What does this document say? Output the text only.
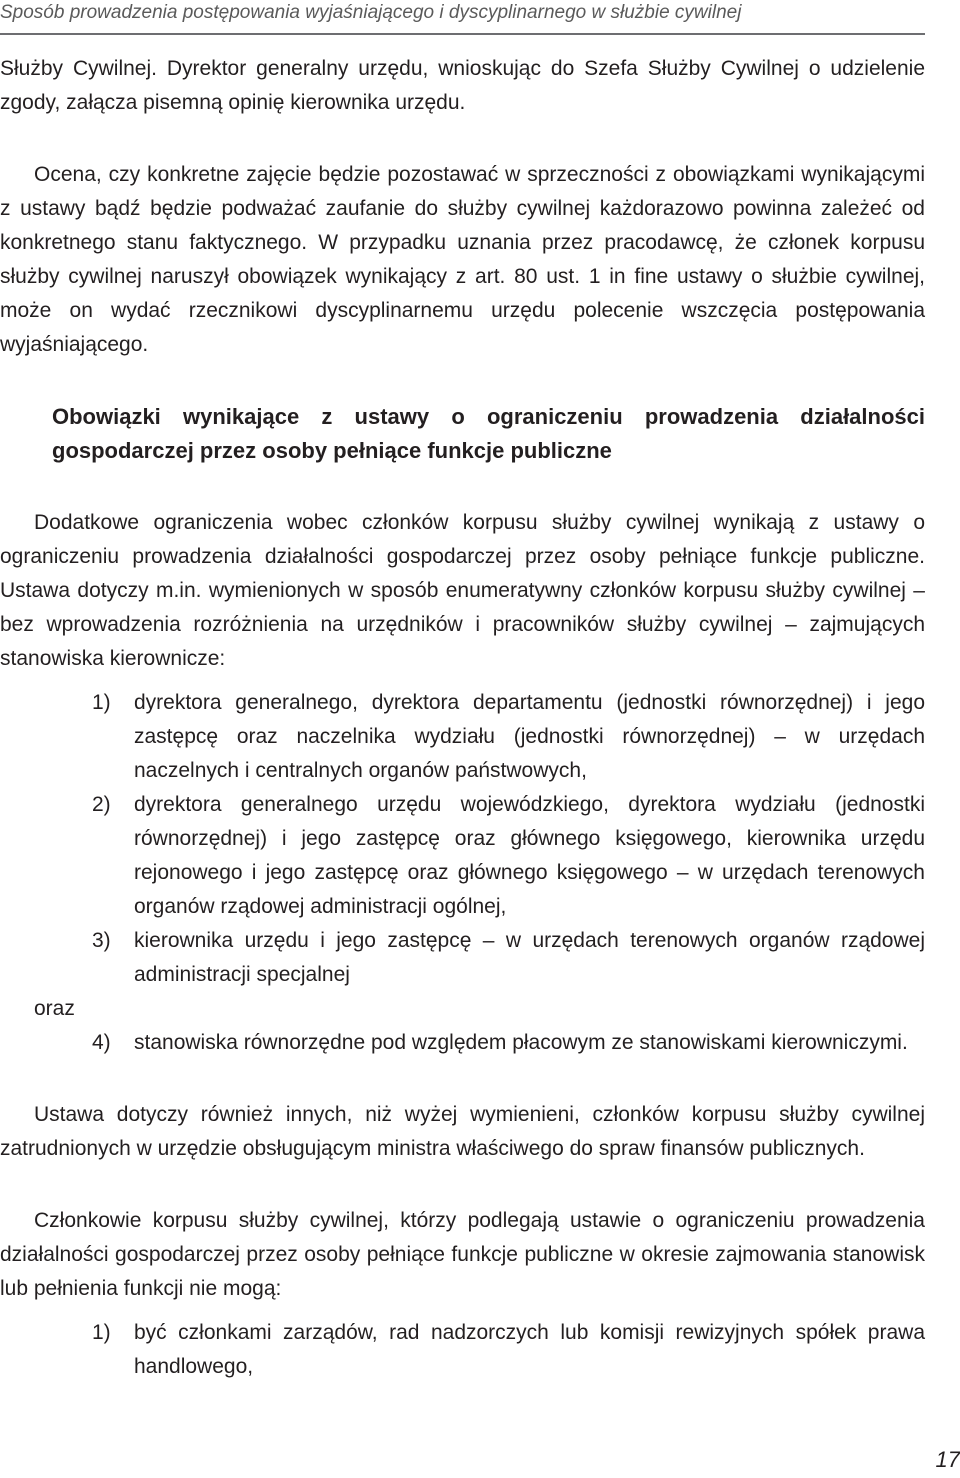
Sposób prowadzenia postępowania wyjaśniającego i dyscyplinarnego w służbie cywilnej

Służby Cywilnej. Dyrektor generalny urzędu, wnioskując do Szefa Służby Cywilnej o udzielenie zgody, załącza pisemną opinię kierownika urzędu.

Ocena, czy konkretne zajęcie będzie pozostawać w sprzeczności z obowiązkami wynikającymi z ustawy bądź będzie podważać zaufanie do służby cywilnej każdorazowo powinna zależeć od konkretnego stanu faktycznego. W przypadku uznania przez pracodawcę, że członek korpusu służby cywilnej naruszył obowiązek wynikający z art. 80 ust. 1 in fine ustawy o służbie cywilnej, może on wydać rzecznikowi dyscyplinarnemu urzędu polecenie wszczęcia postępowania wyjaśniającego.

Obowiązki wynikające z ustawy o ograniczeniu prowadzenia działalności gospodarczej przez osoby pełniące funkcje publiczne

Dodatkowe ograniczenia wobec członków korpusu służby cywilnej wynikają z ustawy o ograniczeniu prowadzenia działalności gospodarczej przez osoby pełniące funkcje publiczne. Ustawa dotyczy m.in. wymienionych w sposób enumeratywny członków korpusu służby cywilnej – bez wprowadzenia rozróżnienia na urzędników i pracowników służby cywilnej – zajmujących stanowiska kierownicze:

1) dyrektora generalnego, dyrektora departamentu (jednostki równorzędnej) i jego zastępcę oraz naczelnika wydziału (jednostki równorzędnej) – w urzędach naczelnych i centralnych organów państwowych,
2) dyrektora generalnego urzędu wojewódzkiego, dyrektora wydziału (jednostki równorzędnej) i jego zastępcę oraz głównego księgowego, kierownika urzędu rejonowego i jego zastępcę oraz głównego księgowego – w urzędach terenowych organów rządowej administracji ogólnej,
3) kierownika urzędu i jego zastępcę – w urzędach terenowych organów rządowej administracji specjalnej
oraz
4) stanowiska równorzędne pod względem płacowym ze stanowiskami kierowniczymi.

Ustawa dotyczy również innych, niż wyżej wymienieni, członków korpusu służby cywilnej zatrudnionych w urzędzie obsługującym ministra właściwego do spraw finansów publicznych.

Członkowie korpusu służby cywilnej, którzy podlegają ustawie o ograniczeniu prowadzenia działalności gospodarczej przez osoby pełniące funkcje publiczne w okresie zajmowania stanowisk lub pełnienia funkcji nie mogą:

1) być członkami zarządów, rad nadzorczych lub komisji rewizyjnych spółek prawa handlowego,
17
